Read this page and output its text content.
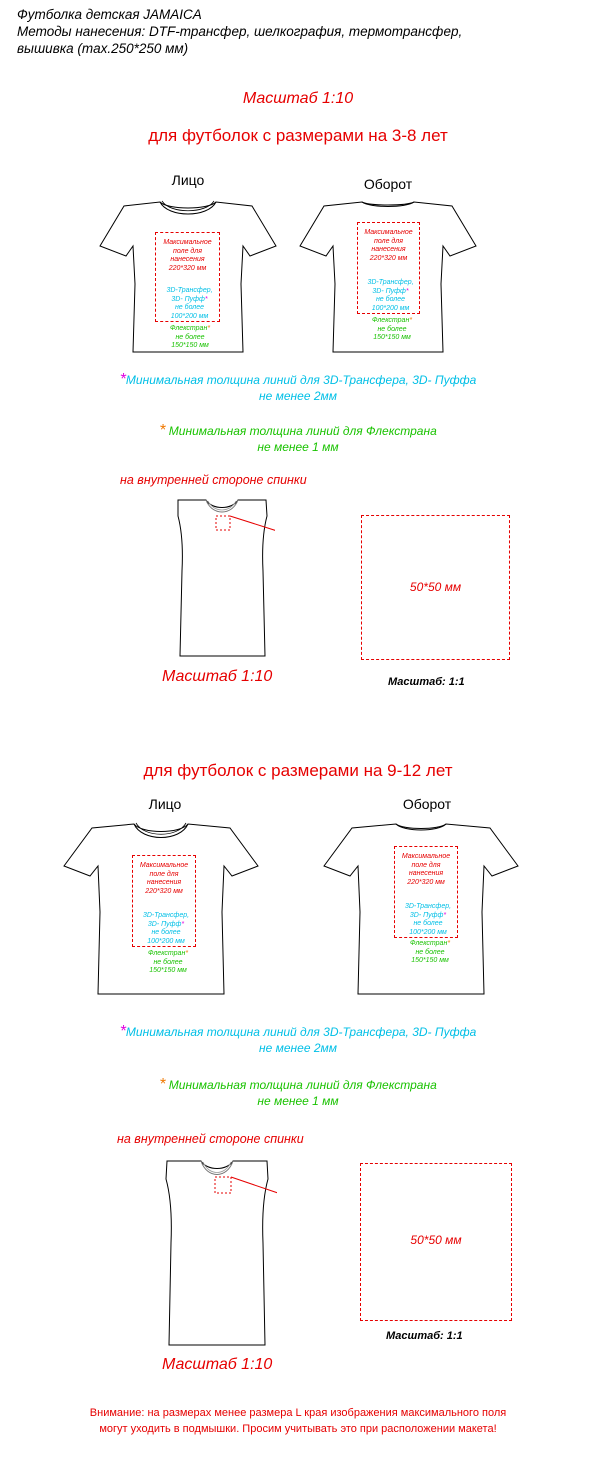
Футболка детская JAMAICA
Методы нанесения: DTF-трансфер, шелкография, термотрансфер,
вышивка (max.250*250 мм)
Масштаб 1:10
для футболок с размерами на 3-8 лет
Лицо	Оборот
Максимальное
поле для
нанесения
220*320 мм
3D-Трансфер,
3D- Пуфф*
не более
100*200 мм
Флекстран*
не более
150*150 мм
Максимальное
поле для
нанесения
220*320 мм
3D-Трансфер,
3D- Пуфф*
не более
100*200 мм
Флекстран*
не более
150*150 мм
*Минимальная толщина линий для 3D-Трансфера, 3D- Пуффа
не менее 2мм
* Минимальная толщина линий для Флекстрана
не менее 1 мм
на внутренней стороне спинки
50*50 мм
Масштаб 1:10	Масштаб: 1:1
для футболок с размерами на 9-12 лет
Лицо	Оборот
Максимальное
поле для
нанесения
220*320 мм
3D-Трансфер,
3D- Пуфф*
не более
100*200 мм
Флекстран*
не более
150*150 мм
Максимальное
поле для
нанесения
220*320 мм
3D-Трансфер,
3D- Пуфф*
не более
100*200 мм
Флекстран*
не более
150*150 мм
*Минимальная толщина линий для 3D-Трансфера, 3D- Пуффа
не менее 2мм
* Минимальная толщина линий для Флекстрана
не менее 1 мм
на внутренней стороне спинки
50*50 мм
Масштаб: 1:1
Масштаб 1:10
Внимание: на размерах менее размера L края изображения максимального поля
могут уходить в подмышки. Просим учитывать это при расположении макета!
